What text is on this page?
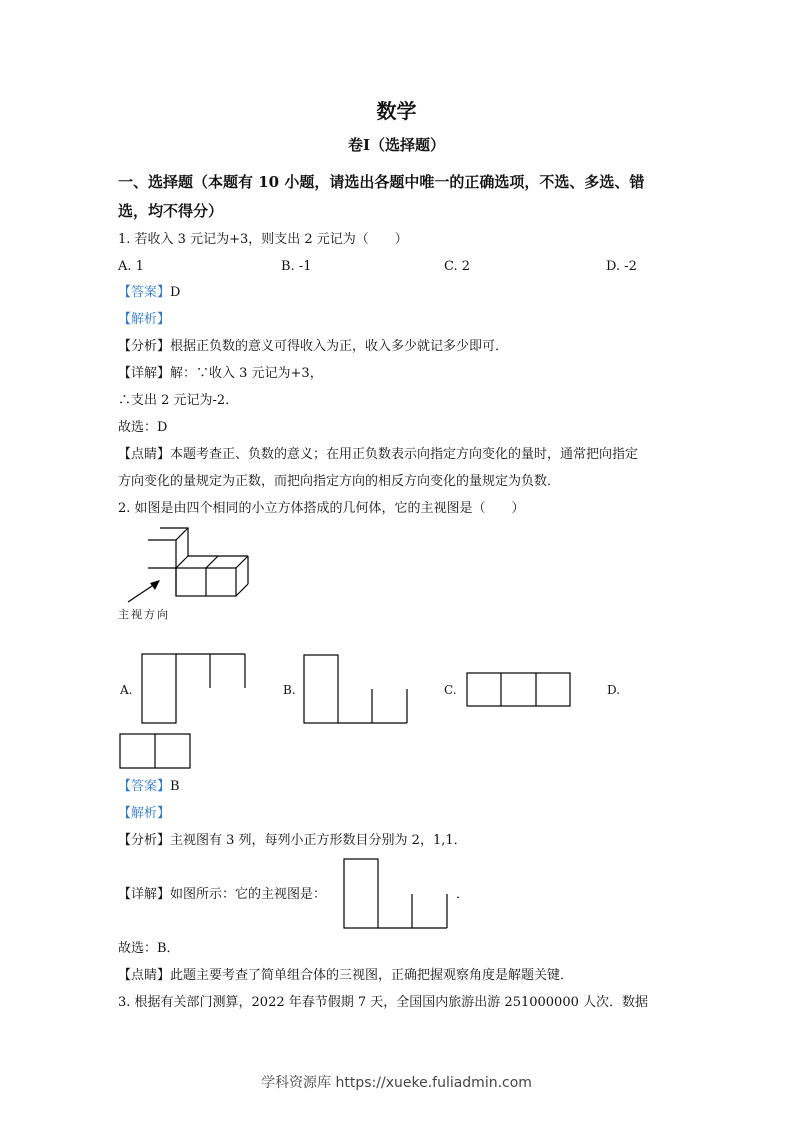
数学
卷Ⅰ（选择题）
一、选择题（本题有 10 小题，请选出各题中唯一的正确选项，不选、多选、错
选，均不得分）
1. 若收入 3 元记为+3，则支出 2 元记为（　　）
A. 1	B. -1	C. 2	D. -2
【答案】D
【解析】
【分析】根据正负数的意义可得收入为正，收入多少就记多少即可．
【详解】解：∵收入 3 元记为+3，
∴支出 2 元记为-2．
故选：D
【点睛】本题考查正、负数的意义；在用正负数表示向指定方向变化的量时，通常把向指定
方向变化的量规定为正数，而把向指定方向的相反方向变化的量规定为负数．
2. 如图是由四个相同的小立方体搭成的几何体，它的主视图是（　　）
主视方向
A.	B.	C.	D.
【答案】B
【解析】
【分析】主视图有 3 列，每列小正方形数目分别为 2，1,1．
【详解】如图所示：它的主视图是：	．
故选：B．
【点睛】此题主要考查了简单组合体的三视图，正确把握观察角度是解题关键．
3. 根据有关部门测算，2022 年春节假期 7 天，全国国内旅游出游 251000000 人次．数据
学科资源库 https://xueke.fuliadmin.com
